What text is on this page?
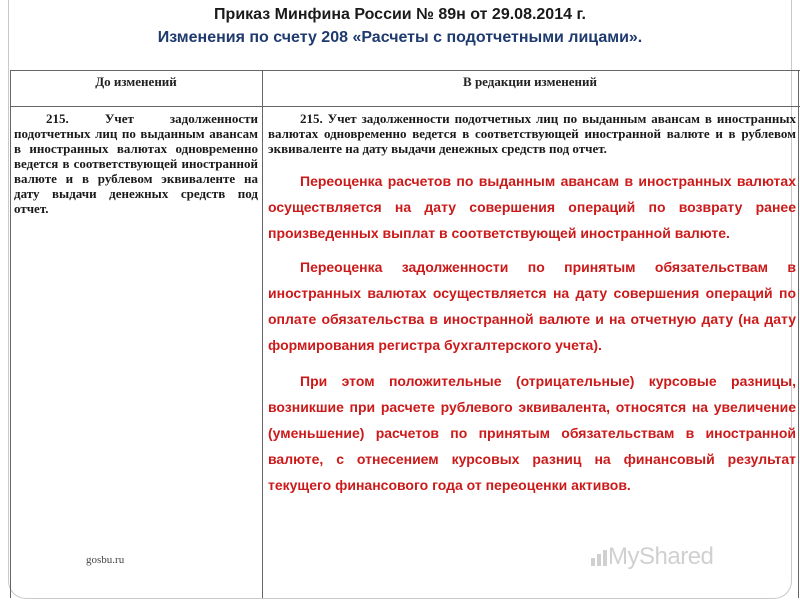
Приказ Минфина России № 89н от 29.08.2014 г.
Изменения по счету 208 «Расчеты с подотчетными лицами».
До изменений	В редакции изменений

215. Учет задолженности подотчетных лиц по выданным авансам в иностранных валютах одновременно ведется в соответствующей иностранной валюте и в рублевом эквиваленте на дату выдачи денежных средств под отчет.

215. Учет задолженности подотчетных лиц по выданным авансам в иностранных валютах одновременно ведется в соответствующей иностранной валюте и в рублевом эквиваленте на дату выдачи денежных средств под отчет.

Переоценка расчетов по выданным авансам в иностранных валютах осуществляется на дату совершения операций по возврату ранее произведенных выплат в соответствующей иностранной валюте.

Переоценка задолженности по принятым обязательствам в иностранных валютах осуществляется на дату совершения операций по оплате обязательства в иностранной валюте и на отчетную дату (на дату формирования регистра бухгалтерского учета).

При этом положительные (отрицательные) курсовые разницы, возникшие при расчете рублевого эквивалента, относятся на увеличение (уменьшение) расчетов по принятым обязательствам в иностранной валюте, с отнесением курсовых разниц на финансовый результат текущего финансового года от переоценки активов.

gosbu.ru	MyShared
